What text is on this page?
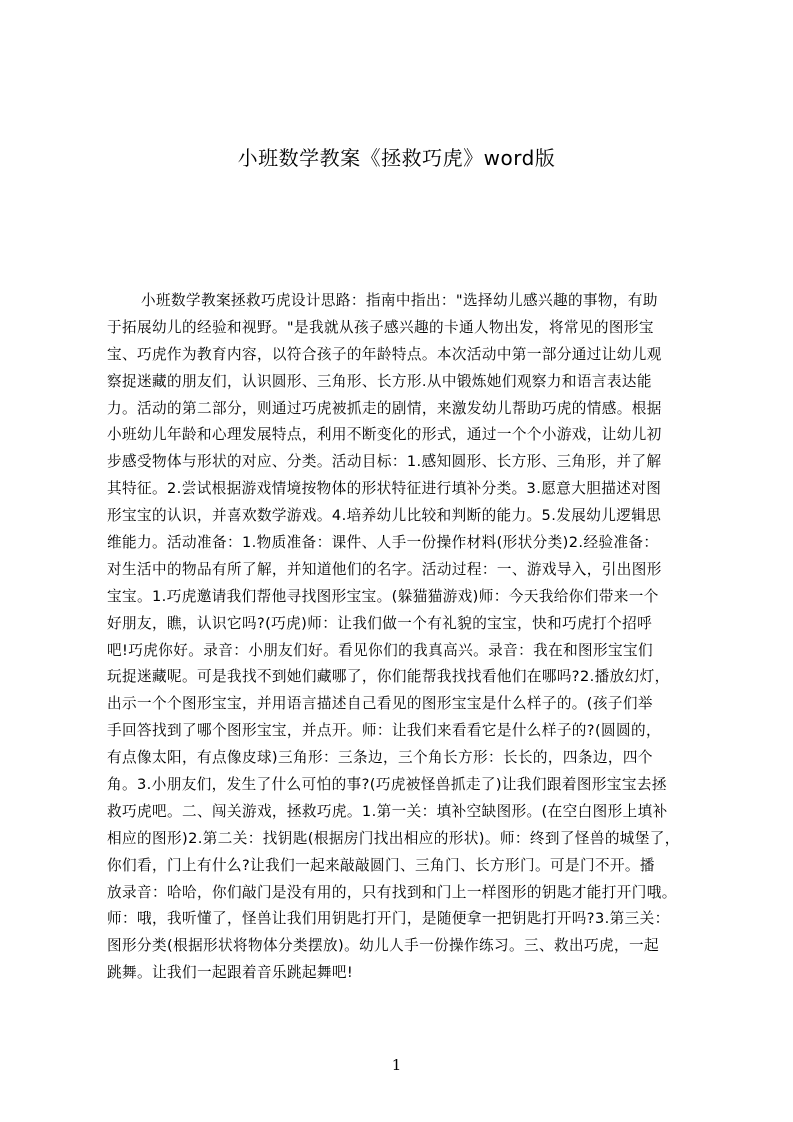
小班数学教案《拯救巧虎》word版
小班数学教案拯救巧虎设计思路：指南中指出："选择幼儿感兴趣的事物，有助
于拓展幼儿的经验和视野。"是我就从孩子感兴趣的卡通人物出发，将常见的图形宝
宝、巧虎作为教育内容，以符合孩子的年龄特点。本次活动中第一部分通过让幼儿观
察捉迷藏的朋友们，认识圆形、三角形、长方形.从中锻炼她们观察力和语言表达能
力。活动的第二部分，则通过巧虎被抓走的剧情，来激发幼儿帮助巧虎的情感。根据
小班幼儿年龄和心理发展特点，利用不断变化的形式，通过一个个小游戏，让幼儿初
步感受物体与形状的对应、分类。活动目标：1.感知圆形、长方形、三角形，并了解
其特征。2.尝试根据游戏情境按物体的形状特征进行填补分类。3.愿意大胆描述对图
形宝宝的认识，并喜欢数学游戏。4.培养幼儿比较和判断的能力。5.发展幼儿逻辑思
维能力。活动准备：1.物质准备：课件、人手一份操作材料(形状分类)2.经验准备：
对生活中的物品有所了解，并知道他们的名字。活动过程：一、游戏导入，引出图形
宝宝。1.巧虎邀请我们帮他寻找图形宝宝。(躲猫猫游戏)师：今天我给你们带来一个
好朋友，瞧，认识它吗?(巧虎)师：让我们做一个有礼貌的宝宝，快和巧虎打个招呼
吧!巧虎你好。录音：小朋友们好。看见你们的我真高兴。录音：我在和图形宝宝们
玩捉迷藏呢。可是我找不到她们藏哪了，你们能帮我找找看他们在哪吗?2.播放幻灯，
出示一个个图形宝宝，并用语言描述自己看见的图形宝宝是什么样子的。(孩子们举
手回答找到了哪个图形宝宝，并点开。师：让我们来看看它是什么样子的?(圆圆的，
有点像太阳，有点像皮球)三角形：三条边，三个角长方形：长长的，四条边，四个
角。3.小朋友们，发生了什么可怕的事?(巧虎被怪兽抓走了)让我们跟着图形宝宝去拯
救巧虎吧。二、闯关游戏，拯救巧虎。1.第一关：填补空缺图形。(在空白图形上填补
相应的图形)2.第二关：找钥匙(根据房门找出相应的形状)。师：终到了怪兽的城堡了，
你们看，门上有什么?让我们一起来敲敲圆门、三角门、长方形门。可是门不开。播
放录音：哈哈，你们敲门是没有用的，只有找到和门上一样图形的钥匙才能打开门哦。
师：哦，我听懂了，怪兽让我们用钥匙打开门，是随便拿一把钥匙打开吗?3.第三关：
图形分类(根据形状将物体分类摆放)。幼儿人手一份操作练习。三、救出巧虎，一起
跳舞。让我们一起跟着音乐跳起舞吧!
1
